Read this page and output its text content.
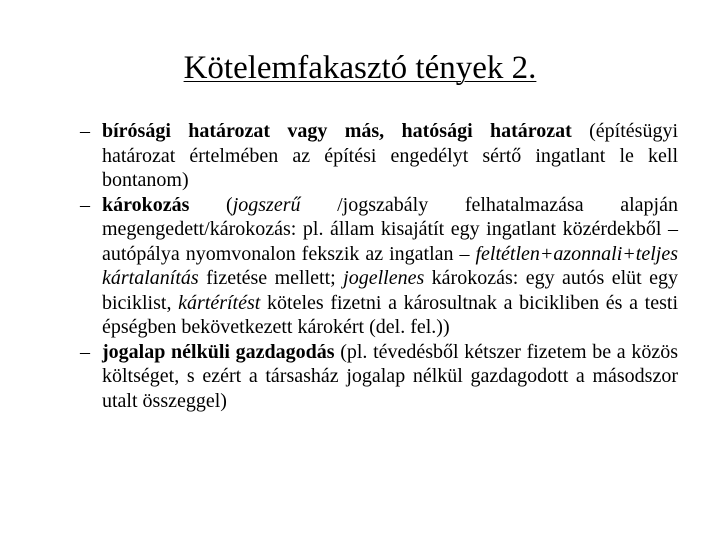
Kötelemfakasztó tények 2.
– bírósági határozat vagy más, hatósági határozat (építésügyi határozat értelmében az építési engedélyt sértő ingatlant le kell bontanom)
– károkozás (jogszerű /jogszabály felhatalmazása alapján megengedett/károkozás: pl. állam kisajátít egy ingatlant közérdekből – autópálya nyomvonalon fekszik az ingatlan – feltétlen+azonnali+teljes kártalanítás fizetése mellett; jogellenes károkozás: egy autós elüt egy biciklist, kártérítést köteles fizetni a károsultnak a bicikliben és a testi épségben bekövetkezett károkért (del. fel.))
– jogalap nélküli gazdagodás (pl. tévedésből kétszer fizetem be a közös költséget, s ezért a társasház jogalap nélkül gazdagodott a másodszor utalt összeggel)
